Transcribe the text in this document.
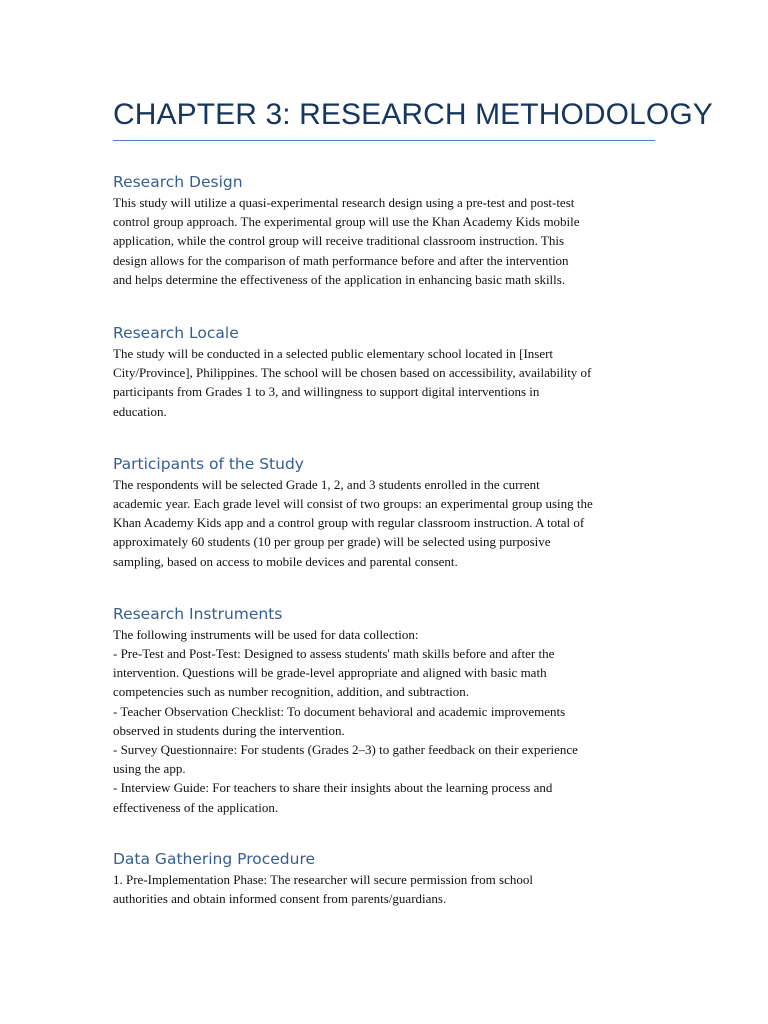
CHAPTER 3: RESEARCH METHODOLOGY
Research Design

This study will utilize a quasi-experimental research design using a pre-test and post-test
control group approach. The experimental group will use the Khan Academy Kids mobile
application, while the control group will receive traditional classroom instruction. This
design allows for the comparison of math performance before and after the intervention
and helps determine the effectiveness of the application in enhancing basic math skills.

Research Locale

The study will be conducted in a selected public elementary school located in [Insert
City/Province], Philippines. The school will be chosen based on accessibility, availability of
participants from Grades 1 to 3, and willingness to support digital interventions in
education.

Participants of the Study

The respondents will be selected Grade 1, 2, and 3 students enrolled in the current
academic year. Each grade level will consist of two groups: an experimental group using the
Khan Academy Kids app and a control group with regular classroom instruction. A total of
approximately 60 students (10 per group per grade) will be selected using purposive
sampling, based on access to mobile devices and parental consent.

Research Instruments

The following instruments will be used for data collection:
- Pre-Test and Post-Test: Designed to assess students' math skills before and after the
intervention. Questions will be grade-level appropriate and aligned with basic math
competencies such as number recognition, addition, and subtraction.
- Teacher Observation Checklist: To document behavioral and academic improvements
observed in students during the intervention.
- Survey Questionnaire: For students (Grades 2–3) to gather feedback on their experience
using the app.
- Interview Guide: For teachers to share their insights about the learning process and
effectiveness of the application.

Data Gathering Procedure

1. Pre-Implementation Phase: The researcher will secure permission from school
authorities and obtain informed consent from parents/guardians.
